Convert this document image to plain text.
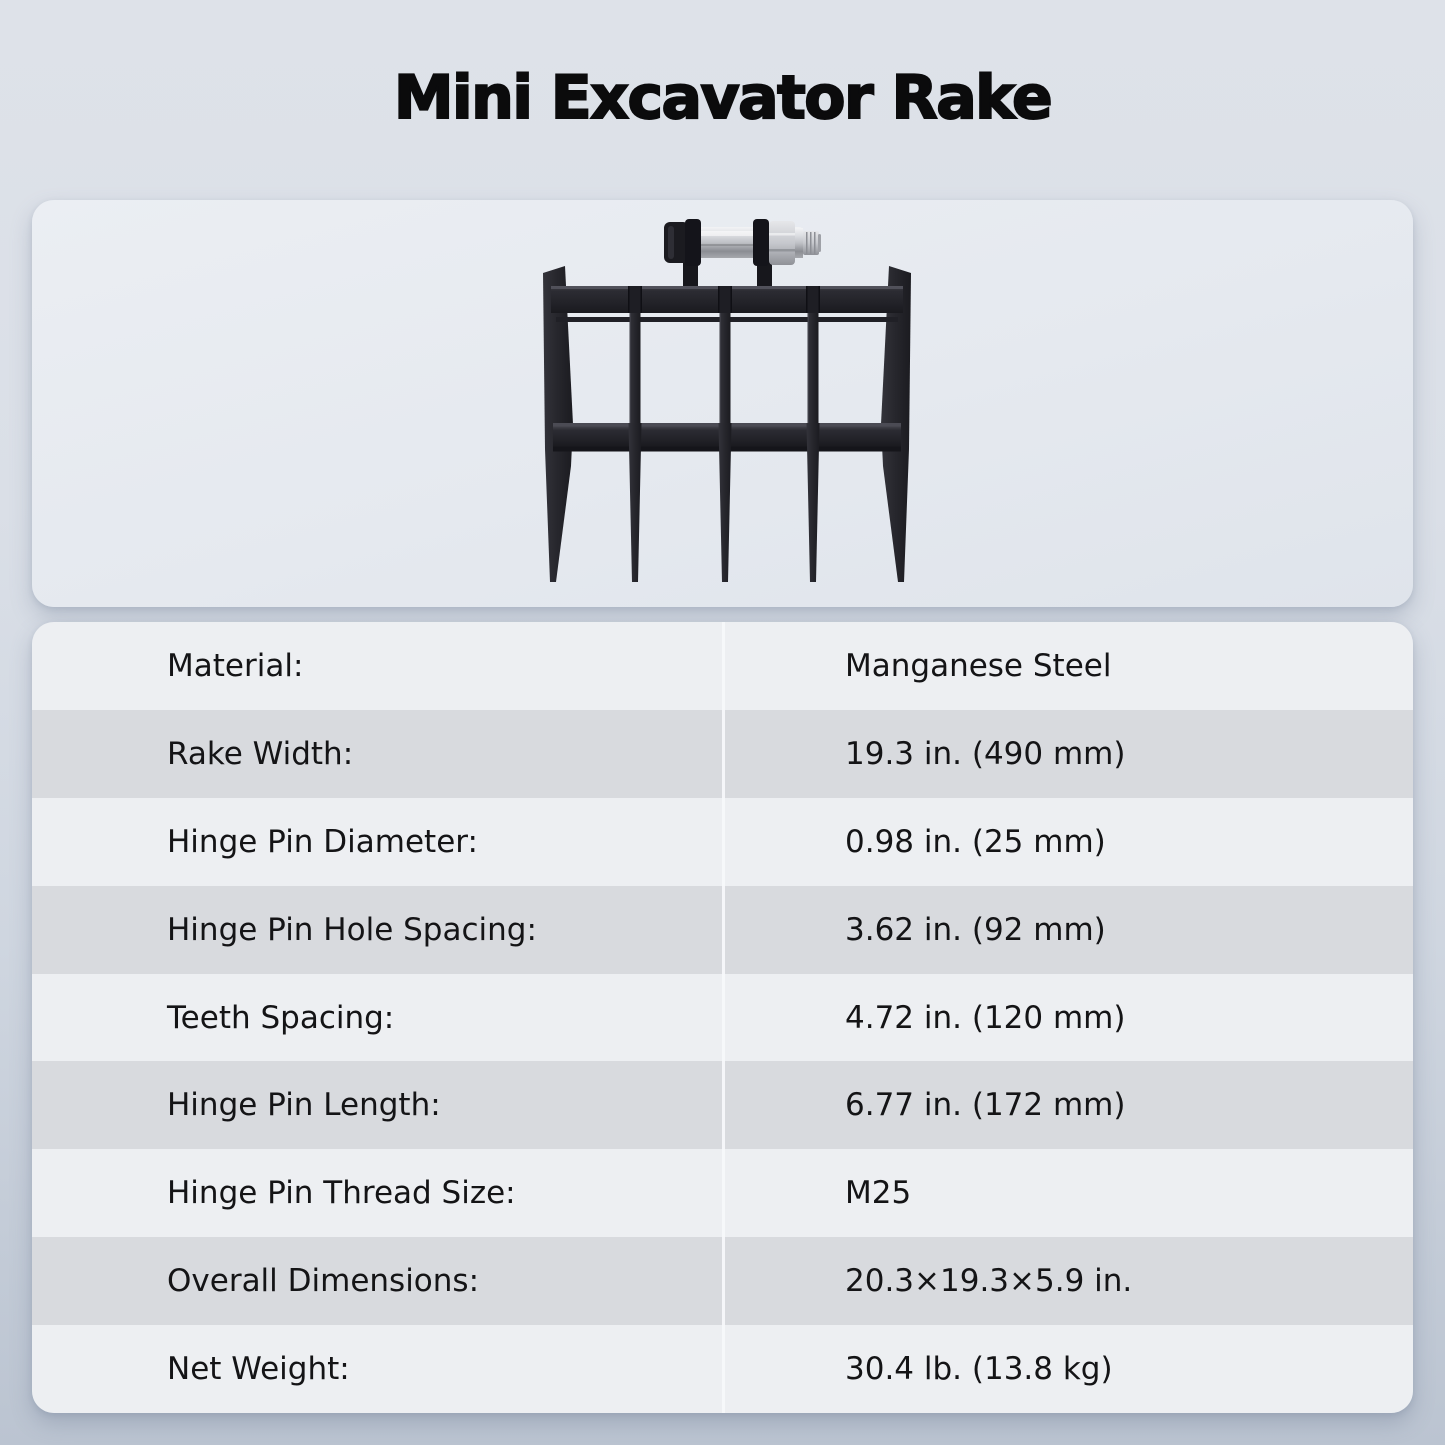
Mini Excavator Rake
Material:	Manganese Steel
Rake Width:	19.3 in. (490 mm)
Hinge Pin Diameter:	0.98 in. (25 mm)
Hinge Pin Hole Spacing:	3.62 in. (92 mm)
Teeth Spacing:	4.72 in. (120 mm)
Hinge Pin Length:	6.77 in. (172 mm)
Hinge Pin Thread Size:	M25
Overall Dimensions:	20.3×19.3×5.9 in.
Net Weight:	30.4 lb. (13.8 kg)
